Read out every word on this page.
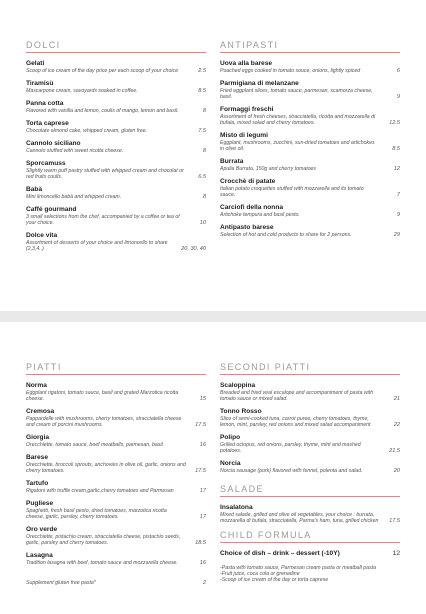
DOLCI
Gelati
Scoop of ice cream of the day price per each scoop of your choice	2.5
Tiramisù
Mascarpone cream, savoyards soaked in coffee.	8.5
Panna cotta
Flavored with vanilla and lemon, coulis of mango, lemon and basil.	8
Torta caprese
Chocolate almond cake, whipped cream, gluten free.	7.5
Cannolo siciliano
Cannolo stuffed with sweet ricotta cheese.	8
Sporcamuss
Slightly warm puff pastry stuffed with whipped cream and chocolat or red fruits coulis.	6.5
Babà
Mini limoncello babà and whipped cream.	8
Caffé gourmand
3 small selections from the chef, accompanied by a coffee or tea of your choice.	10
Dolce vita
Assortment of desserts of your choice and limoncello to share (2,3,4..)	20, 30, 40
ANTIPASTI
Uova alla barese
Poached eggs cooked in tomato souce, onions, lightly spiced	6
Parmigiana di melanzane
Fried eggplant slices, tomato sauce, parmesan, scamorza cheese, basil.	9
Formaggi freschi
Assortment of fresh cheeses, stracciatella, ricotta and mozzarella di bufala, mixed salad and cherry tomatoes.	12.5
Misto di legumi
Eggplant, mushrooms, zucchini, sun-dried tomatoes and artichokes in olive oil.	8.5
Burrata
Apulia Burrata, 150g and cherry tomatoes	12
Crocchè di patate
Italian potato croquettes stuffed with mozzarella and its tomato sauce.	7
Carciofi della nonna
Artichoke tempura and basil pesto.	9
Antipasto barese
Selection of hot and cold products to share for 2 persons.	29
PIATTI
Norma
Eggplant rigatoni, tomato sauce, basil and grated Marzotica ricotta cheese.	15
Cremosa
Pappardelle with mushrooms, cherry tomatoes, stracciatella cheese and cream of porcini mushrooms.	17.5
Giorgia
Orecchiette, tomato sauce, beef meatballs, parmesan, basil.	16
Barese
Orecchiette, broccoli sprouts, anchovies in olive oil, garlic, onions and cherry tomatoes.	17.5
Tartufo
Rigatoni with truffle cream,garlic,cherry tomatoes and Parmesan	17
Pugliese
Spaghetti, fresh basil pesto, dried tomatoes, marzotica ricotta cheese, garlic, parsley, cherry tomatoes.	17
Oro verde
Orecchiette, pistachio cream, stracciatella cheese, pistachio seeds, garlic, parsley and cherry tomatoes.	18.5
Lasagna
Tradition lasagna with beef, tomato sauce and mozzarella cheese.	16
Supplement gluten free pasta*	2
SECONDI PIATTI
Scaloppina
Breaded and fried veal escalope and accompaniment of pasta with tomato sauce or mixed salad.	21
Tonno Rosso
Slice of semi-cooked tuna, carrot puree, cherry tomatoes, thyme, lemon, mint, parsley, red onions and mixed salad accompaniment	22
Polipo
Grilled octopus, red onions, parsley, thyme, mint and mashed potatoes.	21.5
Norcia
Norcia sausage (pork) flavored with fennel, polenta and salad.	20
SALADE
Insalatona
Mixed salade, grilled and olive oil vegetables, your choice : burrata, mozzarella di bufala, stracciatella, Parma's ham, tuna, grilled chicken 17.5
CHILD FORMULA
Choice of dish – drink – dessert (-10Y)	12
-Pasta with tomato sauce, Parmesan cream pasta or meatball pasta
-Fruit juice, coca cola or grenadine
-Scoop of ice cream of the day or torta caprese
